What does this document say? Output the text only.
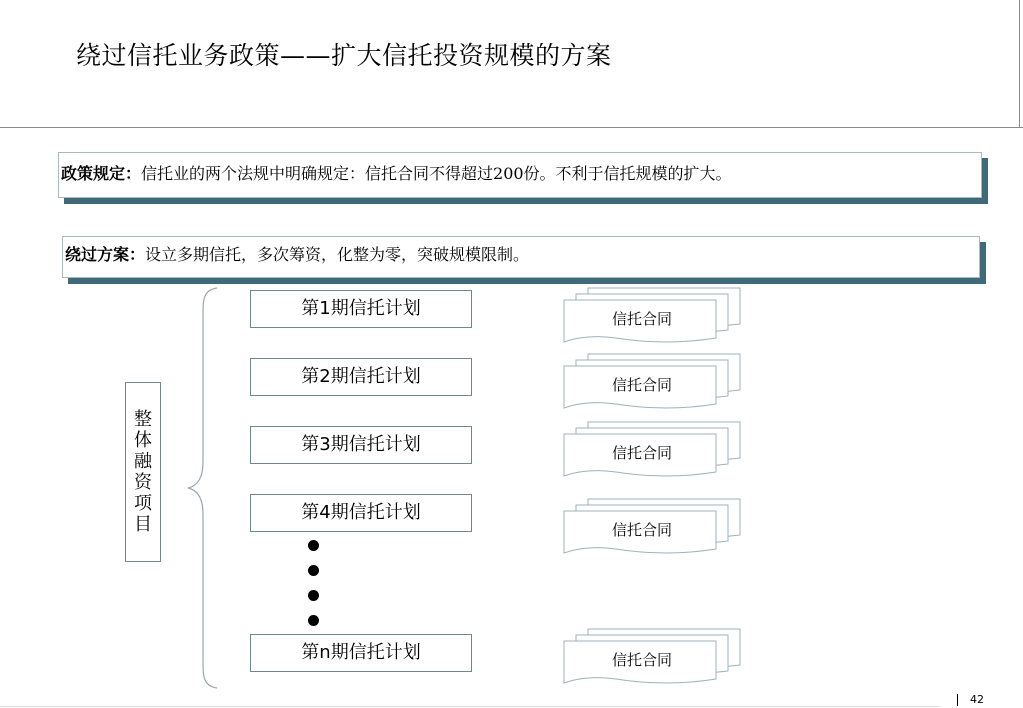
绕过信托业务政策——扩大信托投资规模的方案
政策规定：信托业的两个法规中明确规定：信托合同不得超过200份。不利于信托规模的扩大。
绕过方案：设立多期信托，多次筹资，化整为零，突破规模限制。
整
体
融
资
项
目
第1期信托计划
第2期信托计划
第3期信托计划
第4期信托计划
第n期信托计划
信托合同
信托合同
信托合同
信托合同
信托合同
42
